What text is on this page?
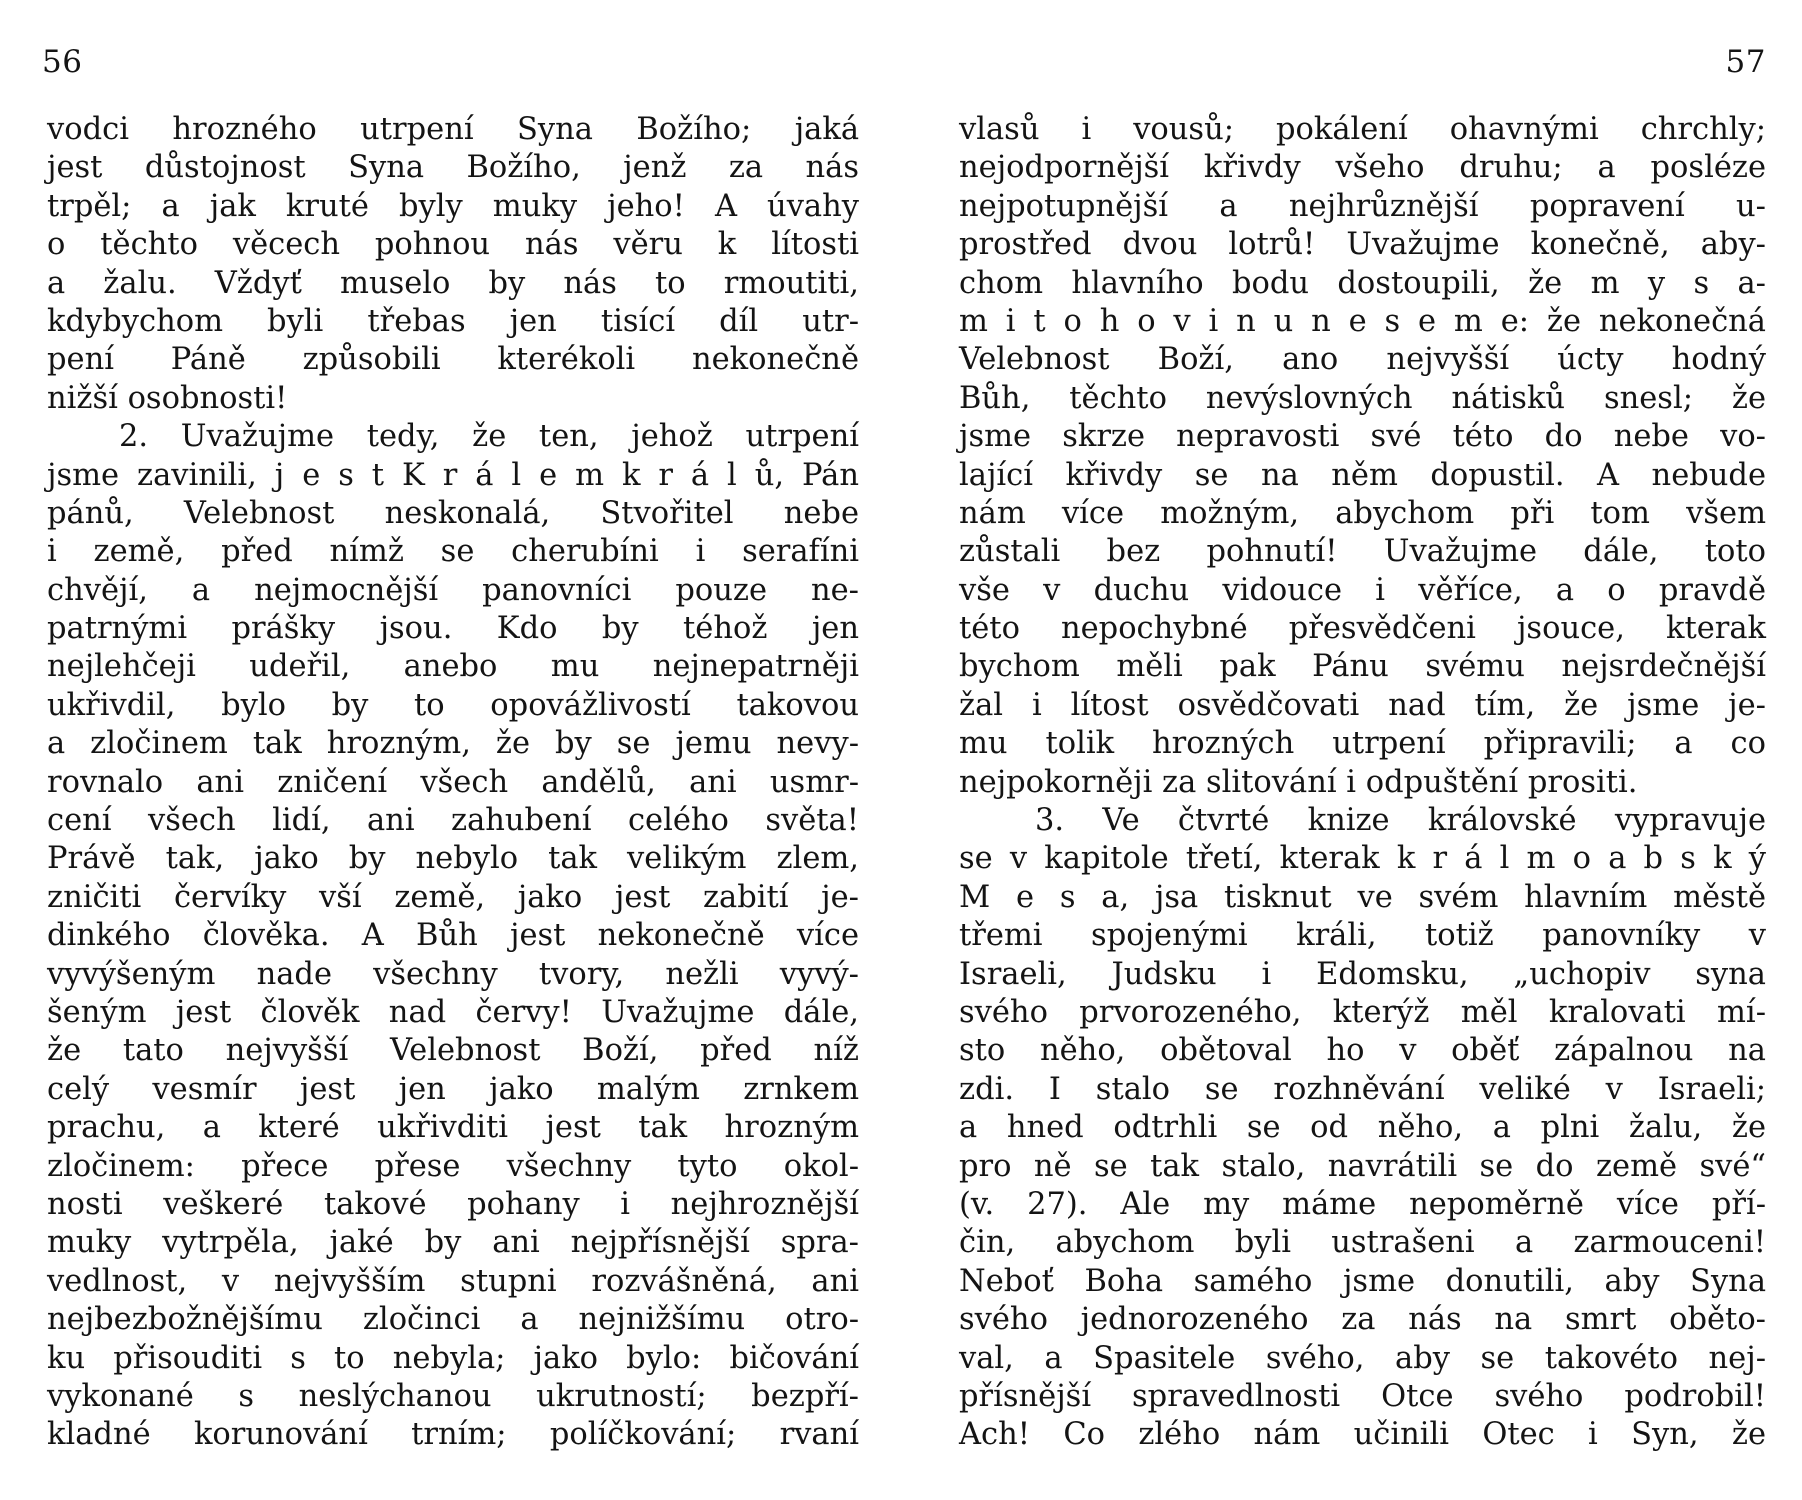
56
vodci hrozného utrpení Syna Božího; jaká
jest důstojnost Syna Božího, jenž za nás
trpěl; a jak kruté byly muky jeho! A úvahy
o těchto věcech pohnou nás věru k lítosti
a žalu. Vždyť muselo by nás to rmoutiti,
kdybychom byli třebas jen tisící díl utr-
pení Páně způsobili kterékoli nekonečně
nižší osobnosti!
2. Uvažujme tedy, že ten, jehož utrpení
jsme zavinili, j e s t K r á l e m k r á l ů, Pán
pánů, Velebnost neskonalá, Stvořitel nebe
i země, před nímž se cherubíni i serafíni
chvějí, a nejmocnější panovníci pouze ne-
patrnými prášky jsou. Kdo by téhož jen
nejlehčeji udeřil, anebo mu nejnepatrněji
ukřivdil, bylo by to opovážlivostí takovou
a zločinem tak hrozným, že by se jemu nevy-
rovnalo ani zničení všech andělů, ani usmr-
cení všech lidí, ani zahubení celého světa!
Právě tak, jako by nebylo tak velikým zlem,
zničiti červíky vší země, jako jest zabití je-
dinkého člověka. A Bůh jest nekonečně více
vyvýšeným nade všechny tvory, nežli vyvý-
šeným jest člověk nad červy! Uvažujme dále,
že tato nejvyšší Velebnost Boží, před níž
celý vesmír jest jen jako malým zrnkem
prachu, a které ukřivditi jest tak hrozným
zločinem: přece přese všechny tyto okol-
nosti veškeré takové pohany i nejhroznější
muky vytrpěla, jaké by ani nejpřísnější spra-
vedlnost, v nejvyšším stupni rozvášněná, ani
nejbezbožnějšímu zločinci a nejnižšímu otro-
ku přisouditi s to nebyla; jako bylo: bičování
vykonané s neslýchanou ukrutností; bezpří-
kladné korunování trním; políčkování; rvaní
57
vlasů i vousů; pokálení ohavnými chrchly;
nejodpornější křivdy všeho druhu; a posléze
nejpotupnější a nejhrůznější popravení u-
prostřed dvou lotrů! Uvažujme konečně, aby-
chom hlavního bodu dostoupili, že m y s a-
m i t o h o v i n u n e s e m e: že nekonečná
Velebnost Boží, ano nejvyšší úcty hodný
Bůh, těchto nevýslovných nátisků snesl; že
jsme skrze nepravosti své této do nebe vo-
lající křivdy se na něm dopustil. A nebude
nám více možným, abychom při tom všem
zůstali bez pohnutí! Uvažujme dále, toto
vše v duchu vidouce i věříce, a o pravdě
této nepochybné přesvědčeni jsouce, kterak
bychom měli pak Pánu svému nejsrdečnější
žal i lítost osvědčovati nad tím, že jsme je-
mu tolik hrozných utrpení připravili; a co
nejpokorněji za slitování i odpuštění prositi.
3. Ve čtvrté knize královské vypravuje
se v kapitole třetí, kterak k r á l m o a b s k ý
M e s a, jsa tisknut ve svém hlavním městě
třemi spojenými králi, totiž panovníky v
Israeli, Judsku i Edomsku, „uchopiv syna
svého prvorozeného, kterýž měl kralovati mí-
sto něho, obětoval ho v oběť zápalnou na
zdi. I stalo se rozhněvání veliké v Israeli;
a hned odtrhli se od něho, a plni žalu, že
pro ně se tak stalo, navrátili se do země své“
(v. 27). Ale my máme nepoměrně více pří-
čin, abychom byli ustrašeni a zarmouceni!
Neboť Boha samého jsme donutili, aby Syna
svého jednorozeného za nás na smrt oběto-
val, a Spasitele svého, aby se takovéto nej-
přísnější spravedlnosti Otce svého podrobil!
Ach! Co zlého nám učinili Otec i Syn, že
